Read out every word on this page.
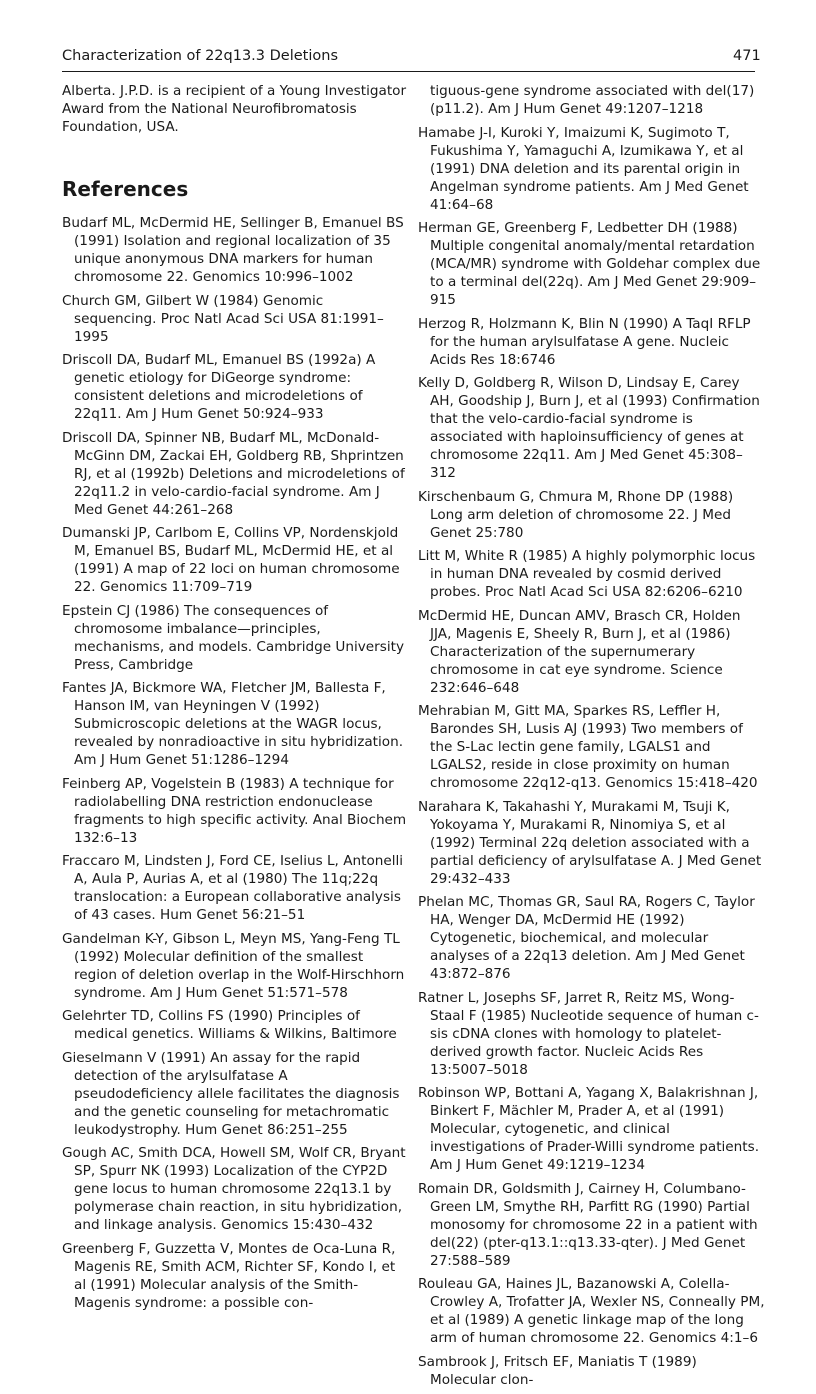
Characterization of 22q13.3 Deletions	471
Alberta. J.P.D. is a recipient of a Young Investigator Award from the National Neurofibromatosis Foundation, USA.
References
Budarf ML, McDermid HE, Sellinger B, Emanuel BS (1991) Isolation and regional localization of 35 unique anonymous DNA markers for human chromosome 22. Genomics 10:996–1002
Church GM, Gilbert W (1984) Genomic sequencing. Proc Natl Acad Sci USA 81:1991–1995
Driscoll DA, Budarf ML, Emanuel BS (1992a) A genetic etiology for DiGeorge syndrome: consistent deletions and microdeletions of 22q11. Am J Hum Genet 50:924–933
Driscoll DA, Spinner NB, Budarf ML, McDonald-McGinn DM, Zackai EH, Goldberg RB, Shprintzen RJ, et al (1992b) Deletions and microdeletions of 22q11.2 in velo-cardio-facial syndrome. Am J Med Genet 44:261–268
Dumanski JP, Carlbom E, Collins VP, Nordenskjold M, Emanuel BS, Budarf ML, McDermid HE, et al (1991) A map of 22 loci on human chromosome 22. Genomics 11:709–719
Epstein CJ (1986) The consequences of chromosome imbalance—principles, mechanisms, and models. Cambridge University Press, Cambridge
Fantes JA, Bickmore WA, Fletcher JM, Ballesta F, Hanson IM, van Heyningen V (1992) Submicroscopic deletions at the WAGR locus, revealed by nonradioactive in situ hybridization. Am J Hum Genet 51:1286–1294
Feinberg AP, Vogelstein B (1983) A technique for radiolabelling DNA restriction endonuclease fragments to high specific activity. Anal Biochem 132:6–13
Fraccaro M, Lindsten J, Ford CE, Iselius L, Antonelli A, Aula P, Aurias A, et al (1980) The 11q;22q translocation: a European collaborative analysis of 43 cases. Hum Genet 56:21–51
Gandelman K-Y, Gibson L, Meyn MS, Yang-Feng TL (1992) Molecular definition of the smallest region of deletion overlap in the Wolf-Hirschhorn syndrome. Am J Hum Genet 51:571–578
Gelehrter TD, Collins FS (1990) Principles of medical genetics. Williams & Wilkins, Baltimore
Gieselmann V (1991) An assay for the rapid detection of the arylsulfatase A pseudodeficiency allele facilitates the diagnosis and the genetic counseling for metachromatic leukodystrophy. Hum Genet 86:251–255
Gough AC, Smith DCA, Howell SM, Wolf CR, Bryant SP, Spurr NK (1993) Localization of the CYP2D gene locus to human chromosome 22q13.1 by polymerase chain reaction, in situ hybridization, and linkage analysis. Genomics 15:430–432
Greenberg F, Guzzetta V, Montes de Oca-Luna R, Magenis RE, Smith ACM, Richter SF, Kondo I, et al (1991) Molecular analysis of the Smith-Magenis syndrome: a possible con-
tiguous-gene syndrome associated with del(17) (p11.2). Am J Hum Genet 49:1207–1218
Hamabe J-I, Kuroki Y, Imaizumi K, Sugimoto T, Fukushima Y, Yamaguchi A, Izumikawa Y, et al (1991) DNA deletion and its parental origin in Angelman syndrome patients. Am J Med Genet 41:64–68
Herman GE, Greenberg F, Ledbetter DH (1988) Multiple congenital anomaly/mental retardation (MCA/MR) syndrome with Goldehar complex due to a terminal del(22q). Am J Med Genet 29:909–915
Herzog R, Holzmann K, Blin N (1990) A TaqI RFLP for the human arylsulfatase A gene. Nucleic Acids Res 18:6746
Kelly D, Goldberg R, Wilson D, Lindsay E, Carey AH, Goodship J, Burn J, et al (1993) Confirmation that the velo-cardio-facial syndrome is associated with haploinsufficiency of genes at chromosome 22q11. Am J Med Genet 45:308–312
Kirschenbaum G, Chmura M, Rhone DP (1988) Long arm deletion of chromosome 22. J Med Genet 25:780
Litt M, White R (1985) A highly polymorphic locus in human DNA revealed by cosmid derived probes. Proc Natl Acad Sci USA 82:6206–6210
McDermid HE, Duncan AMV, Brasch CR, Holden JJA, Magenis E, Sheely R, Burn J, et al (1986) Characterization of the supernumerary chromosome in cat eye syndrome. Science 232:646–648
Mehrabian M, Gitt MA, Sparkes RS, Leffler H, Barondes SH, Lusis AJ (1993) Two members of the S-Lac lectin gene family, LGALS1 and LGALS2, reside in close proximity on human chromosome 22q12-q13. Genomics 15:418–420
Narahara K, Takahashi Y, Murakami M, Tsuji K, Yokoyama Y, Murakami R, Ninomiya S, et al (1992) Terminal 22q deletion associated with a partial deficiency of arylsulfatase A. J Med Genet 29:432–433
Phelan MC, Thomas GR, Saul RA, Rogers C, Taylor HA, Wenger DA, McDermid HE (1992) Cytogenetic, biochemical, and molecular analyses of a 22q13 deletion. Am J Med Genet 43:872–876
Ratner L, Josephs SF, Jarret R, Reitz MS, Wong-Staal F (1985) Nucleotide sequence of human c-sis cDNA clones with homology to platelet-derived growth factor. Nucleic Acids Res 13:5007–5018
Robinson WP, Bottani A, Yagang X, Balakrishnan J, Binkert F, Mächler M, Prader A, et al (1991) Molecular, cytogenetic, and clinical investigations of Prader-Willi syndrome patients. Am J Hum Genet 49:1219–1234
Romain DR, Goldsmith J, Cairney H, Columbano-Green LM, Smythe RH, Parfitt RG (1990) Partial monosomy for chromosome 22 in a patient with del(22) (pter-q13.1::q13.33-qter). J Med Genet 27:588–589
Rouleau GA, Haines JL, Bazanowski A, Colella-Crowley A, Trofatter JA, Wexler NS, Conneally PM, et al (1989) A genetic linkage map of the long arm of human chromosome 22. Genomics 4:1–6
Sambrook J, Fritsch EF, Maniatis T (1989) Molecular clon-
